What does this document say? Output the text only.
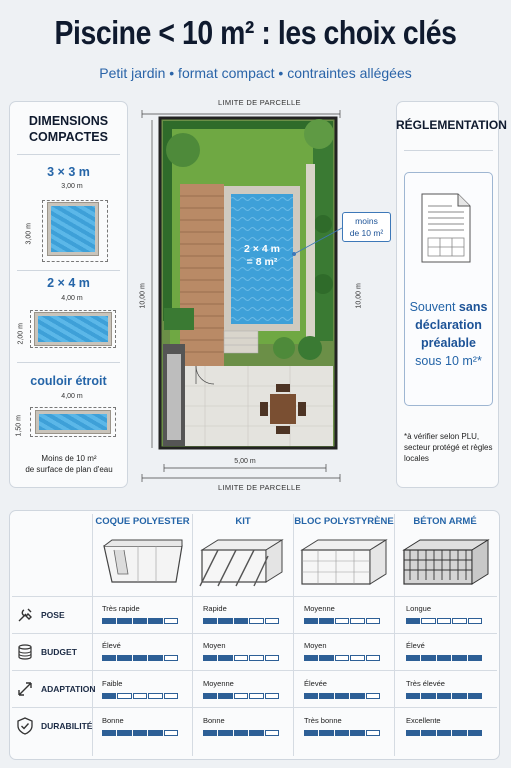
Piscine < 10 m² : les choix clés
Petit jardin • format compact • contraintes allégées
DIMENSIONS
COMPACTES
3 × 3 m
3,00 m
3,00 m
2 × 4 m
4,00 m
2,00 m
couloir étroit
4,00 m
1,50 m
Moins de 10 m²
de surface de plan d'eau
LIMITE DE PARCELLE
LIMITE DE PARCELLE
10,00 m	10,00 m
5,00 m
2 × 4 m
= 8 m²
moins
de 10 m²
RÉGLEMENTATION
Souvent sans
déclaration
préalable
sous 10 m²*
*à vérifier selon PLU, secteur protégé et règles locales
COQUE POLYESTER	KIT	BLOC POLYSTYRÈNE	BÉTON ARMÉ
POSE
BUDGET
ADAPTATION
DURABILITÉ
Très rapide	Rapide	Moyenne	Longue
Élevé	Moyen	Moyen	Élevé
Faible	Moyenne	Élevée	Très élevée
Bonne	Bonne	Très bonne	Excellente
